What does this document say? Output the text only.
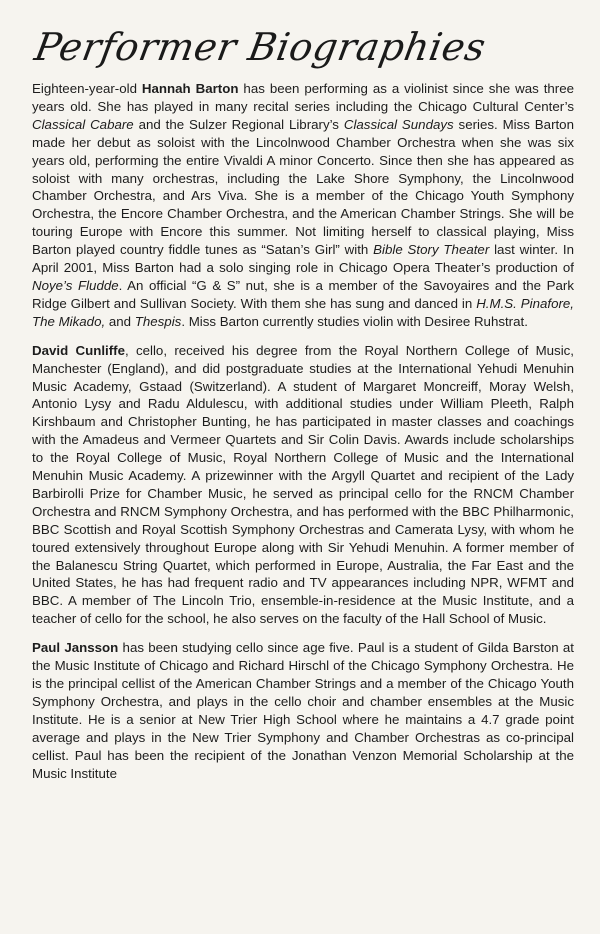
Performer Biographies

Eighteen-year-old Hannah Barton has been performing as a violinist since she was three years old. She has played in many recital series including the Chicago Cultural Center’s Classical Cabare and the Sulzer Regional Library’s Classical Sundays series. Miss Barton made her debut as soloist with the Lincolnwood Chamber Orchestra when she was six years old, performing the entire Vivaldi A minor Concerto. Since then she has appeared as soloist with many orchestras, including the Lake Shore Symphony, the Lincolnwood Chamber Orchestra, and Ars Viva. She is a member of the Chicago Youth Symphony Orchestra, the Encore Chamber Orchestra, and the American Chamber Strings. She will be touring Europe with Encore this summer. Not limiting herself to classical playing, Miss Barton played country fiddle tunes as “Satan’s Girl” with Bible Story Theater last winter. In April 2001, Miss Barton had a solo singing role in Chicago Opera Theater’s production of Noye’s Fludde. An official “G & S” nut, she is a member of the Savoyaires and the Park Ridge Gilbert and Sullivan Society. With them she has sung and danced in H.M.S. Pinafore, The Mikado, and Thespis. Miss Barton currently studies violin with Desiree Ruhstrat.

David Cunliffe, cello, received his degree from the Royal Northern College of Music, Manchester (England), and did postgraduate studies at the International Yehudi Menuhin Music Academy, Gstaad (Switzerland). A student of Margaret Moncreiff, Moray Welsh, Antonio Lysy and Radu Aldulescu, with additional studies under William Pleeth, Ralph Kirshbaum and Christopher Bunting, he has participated in master classes and coachings with the Amadeus and Vermeer Quartets and Sir Colin Davis. Awards include scholarships to the Royal College of Music, Royal Northern College of Music and the International Menuhin Music Academy. A prizewinner with the Argyll Quartet and recipient of the Lady Barbirolli Prize for Chamber Music, he served as principal cello for the RNCM Chamber Orchestra and RNCM Symphony Orchestra, and has performed with the BBC Philharmonic, BBC Scottish and Royal Scottish Symphony Orchestras and Camerata Lysy, with whom he toured extensively throughout Europe along with Sir Yehudi Menuhin. A former member of the Balanescu String Quartet, which performed in Europe, Australia, the Far East and the United States, he has had frequent radio and TV appearances including NPR, WFMT and BBC. A member of The Lincoln Trio, ensemble-in-residence at the Music Institute, and a teacher of cello for the school, he also serves on the faculty of the Hall School of Music.

Paul Jansson has been studying cello since age five. Paul is a student of Gilda Barston at the Music Institute of Chicago and Richard Hirschl of the Chicago Symphony Orchestra. He is the principal cellist of the American Chamber Strings and a member of the Chicago Youth Symphony Orchestra, and plays in the cello choir and chamber ensembles at the Music Institute. He is a senior at New Trier High School where he maintains a 4.7 grade point average and plays in the New Trier Symphony and Chamber Orchestras as co-principal cellist. Paul has been the recipient of the Jonathan Venzon Memorial Scholarship at the Music Institute
